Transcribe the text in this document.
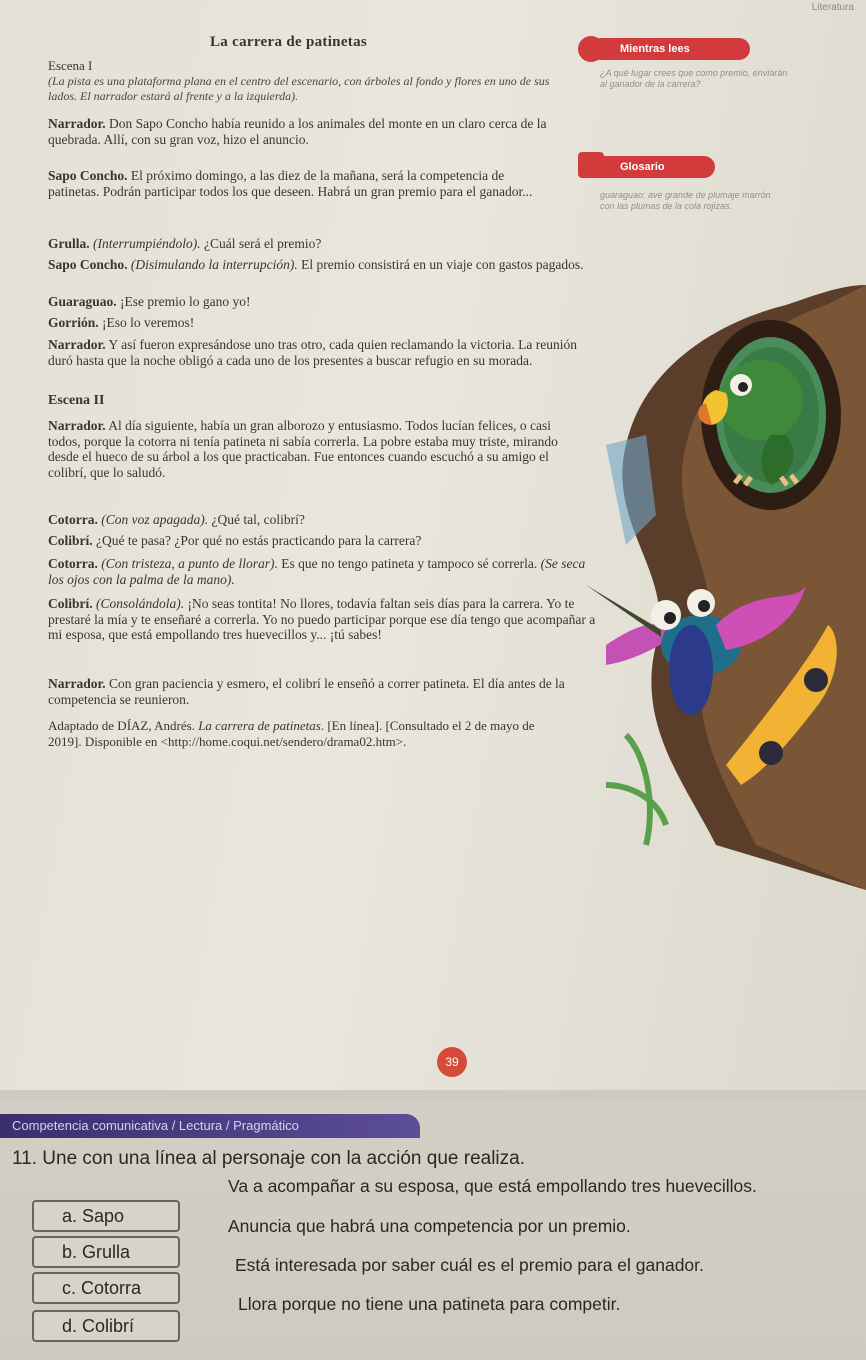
Literatura
La carrera de patinetas
Escena I
(La pista es una plataforma plana en el centro del escenario, con árboles al fondo y flores en uno de sus lados. El narrador estará al frente y a la izquierda).

Narrador. Don Sapo Concho había reunido a los animales del monte en un claro cerca de la quebrada. Allí, con su gran voz, hizo el anuncio.

Sapo Concho. El próximo domingo, a las diez de la mañana, será la competencia de patinetas. Podrán participar todos los que deseen. Habrá un gran premio para el ganador...

Grulla. (Interrumpiéndolo). ¿Cuál será el premio?

Sapo Concho. (Disimulando la interrupción). El premio consistirá en un viaje con gastos pagados.

Guaraguao. ¡Ese premio lo gano yo!

Gorrión. ¡Eso lo veremos!

Narrador. Y así fueron expresándose uno tras otro, cada quien reclamando la victoria. La reunión duró hasta que la noche obligó a cada uno de los presentes a buscar refugio en su morada.

Escena II

Narrador. Al día siguiente, había un gran alborozo y entusiasmo. Todos lucían felices, o casi todos, porque la cotorra ni tenía patineta ni sabía correrla. La pobre estaba muy triste, mirando desde el hueco de su árbol a los que practicaban. Fue entonces cuando escuchó a su amigo el colibrí, que lo saludó.

Cotorra. (Con voz apagada). ¿Qué tal, colibrí?

Colibrí. ¿Qué te pasa? ¿Por qué no estás practicando para la carrera?

Cotorra. (Con tristeza, a punto de llorar). Es que no tengo patineta y tampoco sé correrla. (Se seca los ojos con la palma de la mano).

Colibrí. (Consolándola). ¡No seas tontita! No llores, todavía faltan seis días para la carrera. Yo te prestaré la mía y te enseñaré a correrla. Yo no puedo participar porque ese día tengo que acompañar a mi esposa, que está empollando tres huevecillos y... ¡tú sabes!

Narrador. Con gran paciencia y esmero, el colibrí le enseñó a correr patineta. El día antes de la competencia se reunieron.

Adaptado de DÍAZ, Andrés. La carrera de patinetas. [En línea]. [Consultado el 2 de mayo de 2019]. Disponible en <http://home.coqui.net/sendero/drama02.htm>.

Mientras lees
¿A qué lugar crees que como premio, enviarán al ganador de la carrera?
Glosario
guaraguao: ave grande de plumaje marrón con las plumas de la cola rojizas.
39
Competencia comunicativa / Lectura / Pragmático
11. Une con una línea al personaje con la acción que realiza.
a. Sapo
b. Grulla
c. Cotorra
d. Colibrí
Va a acompañar a su esposa, que está empollando tres huevecillos.
Anuncia que habrá una competencia por un premio.
Está interesada por saber cuál es el premio para el ganador.
Llora porque no tiene una patineta para competir.
